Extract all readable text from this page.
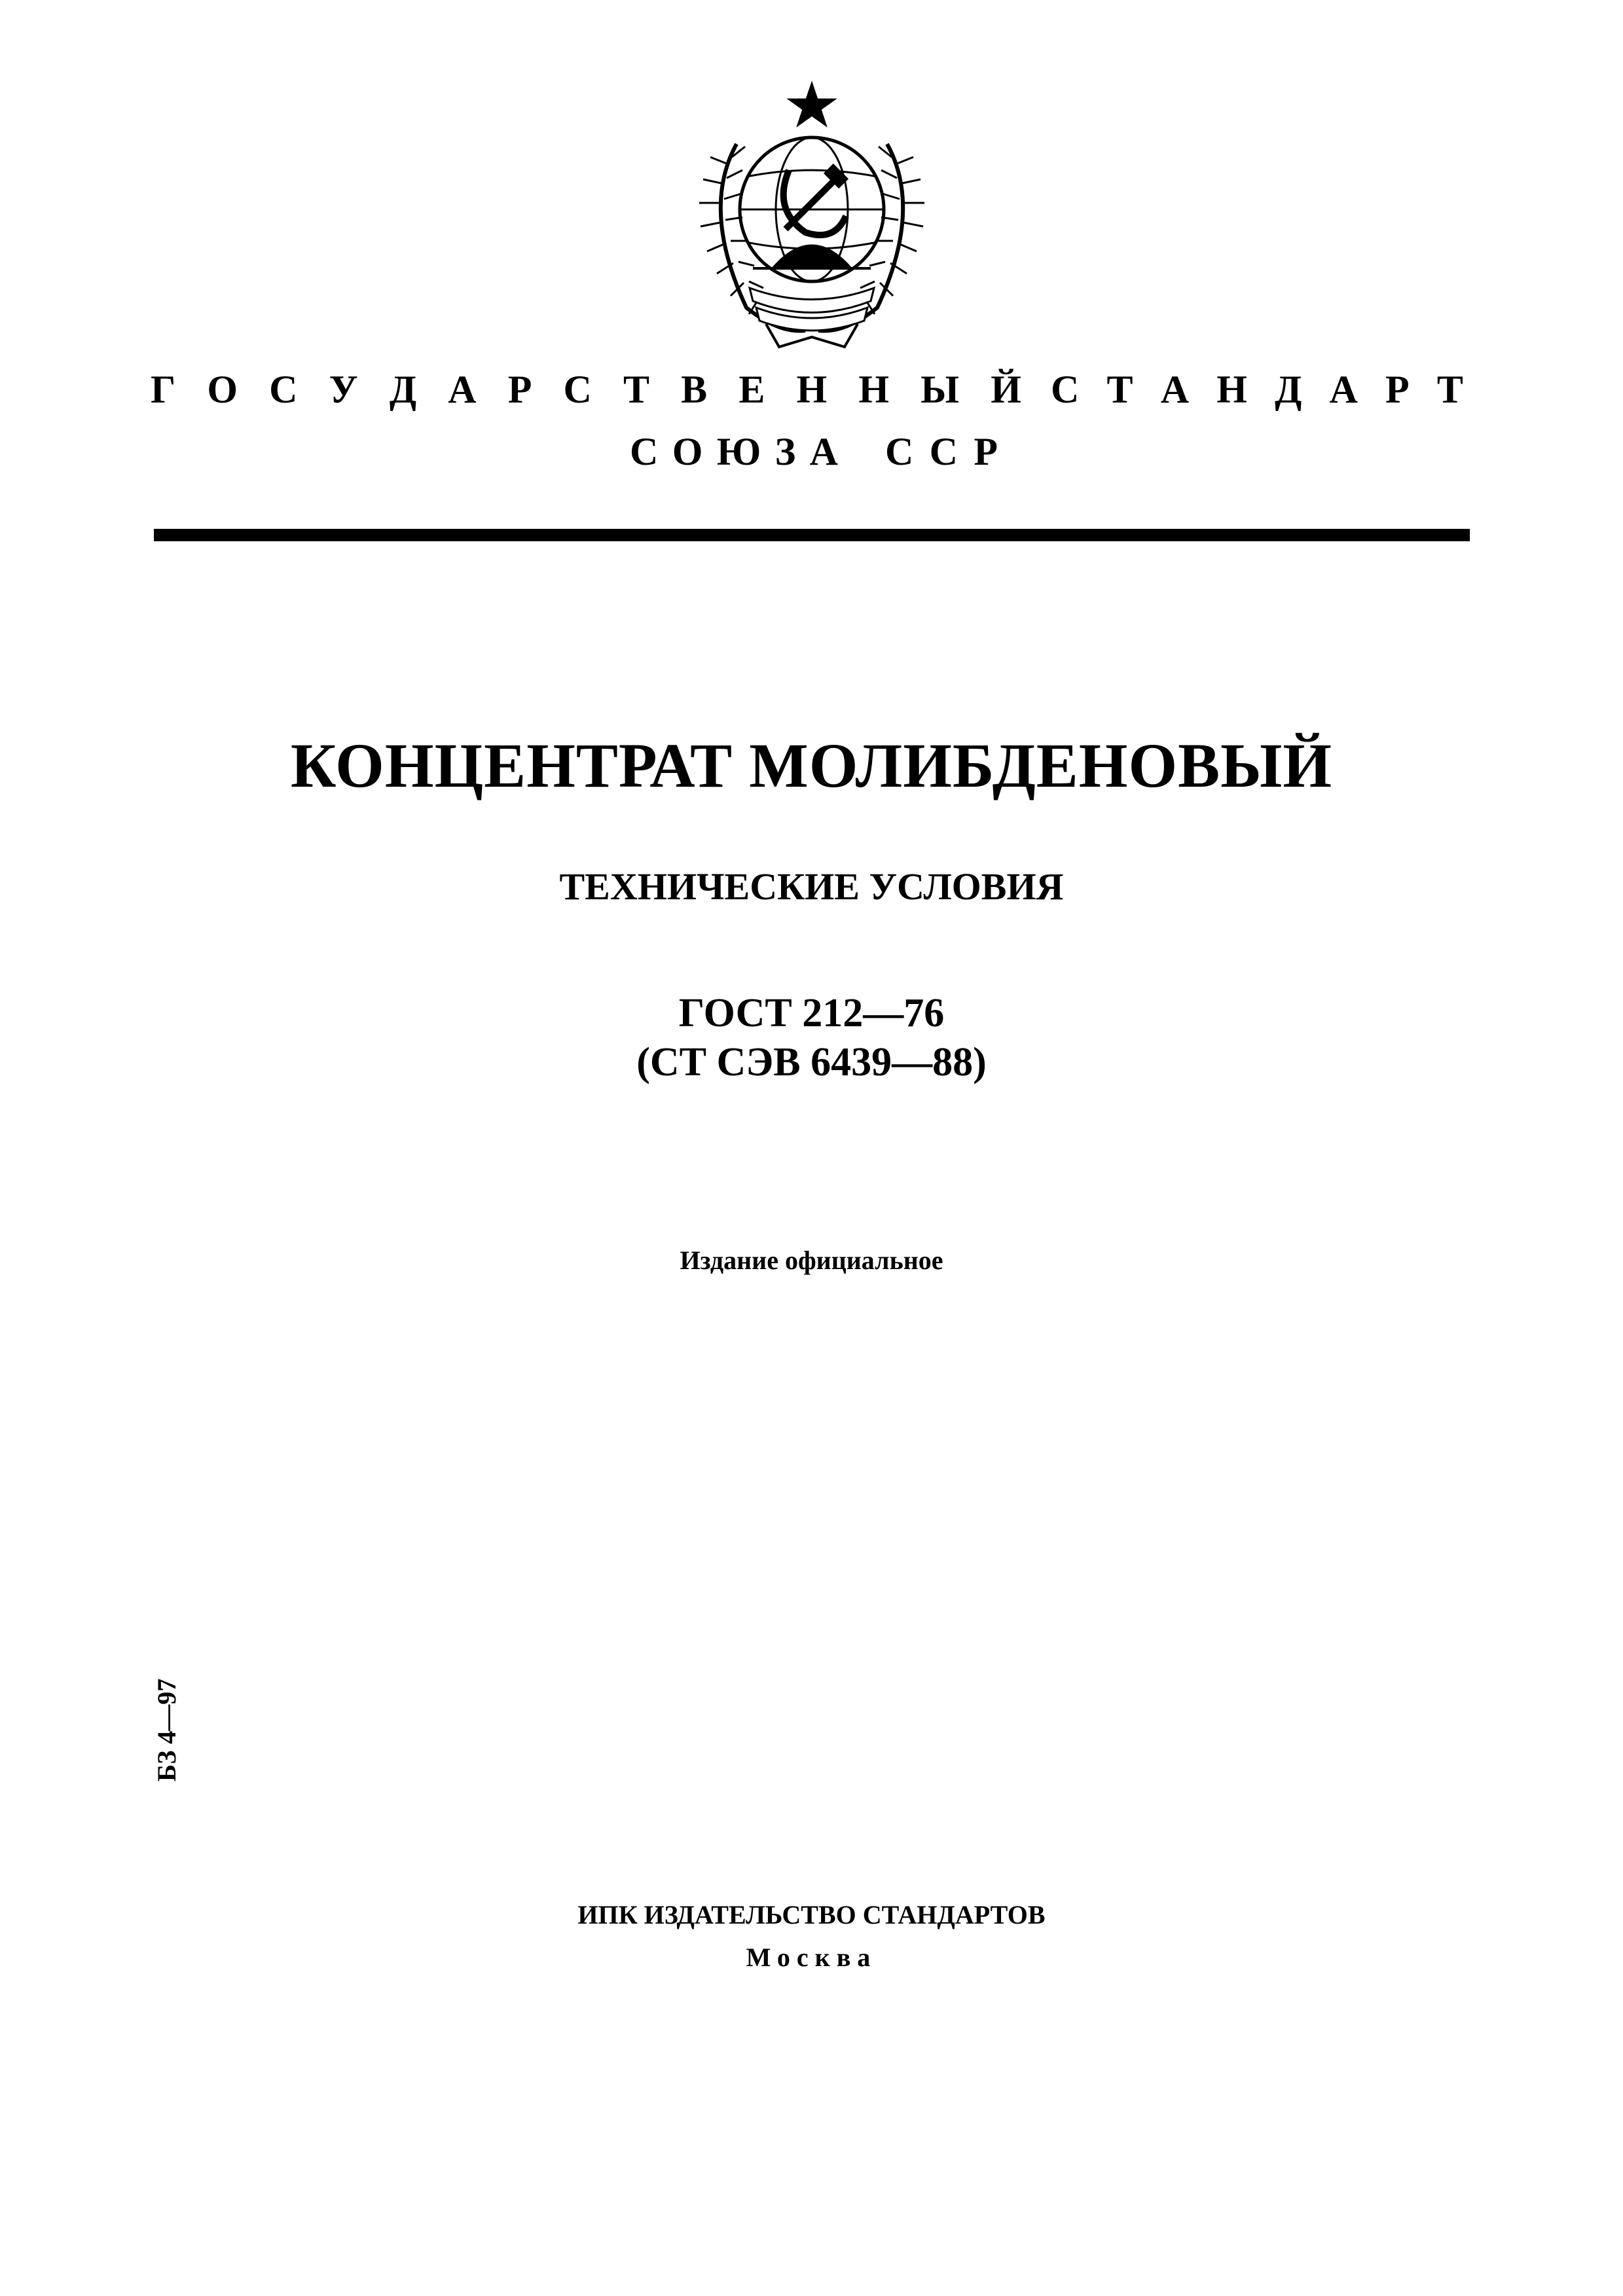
Г О С У Д А Р С Т В Е Н Н Ы Й С Т А Н Д А Р Т
С О Ю З А С С Р
КОНЦЕНТРАТ МОЛИБДЕНОВЫЙ
ТЕХНИЧЕСКИЕ УСЛОВИЯ
ГОСТ 212—76
(СТ СЭВ 6439—88)
Издание официальное
БЗ 4—97
ИПК ИЗДАТЕЛЬСТВО СТАНДАРТОВ
Москва
